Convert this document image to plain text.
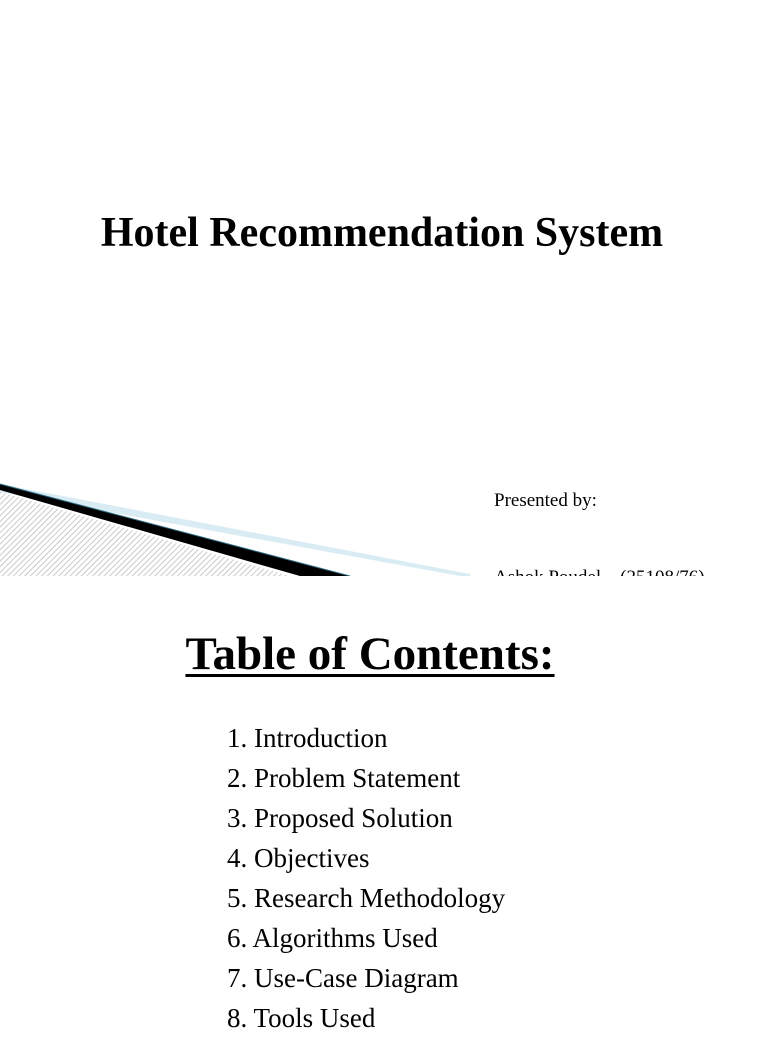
Hotel Recommendation System

Presented by:

Table of Contents:
1. Introduction
2. Problem Statement
3. Proposed Solution
4. Objectives
5. Research Methodology
6. Algorithms Used
7. Use-Case Diagram
8. Tools Used
